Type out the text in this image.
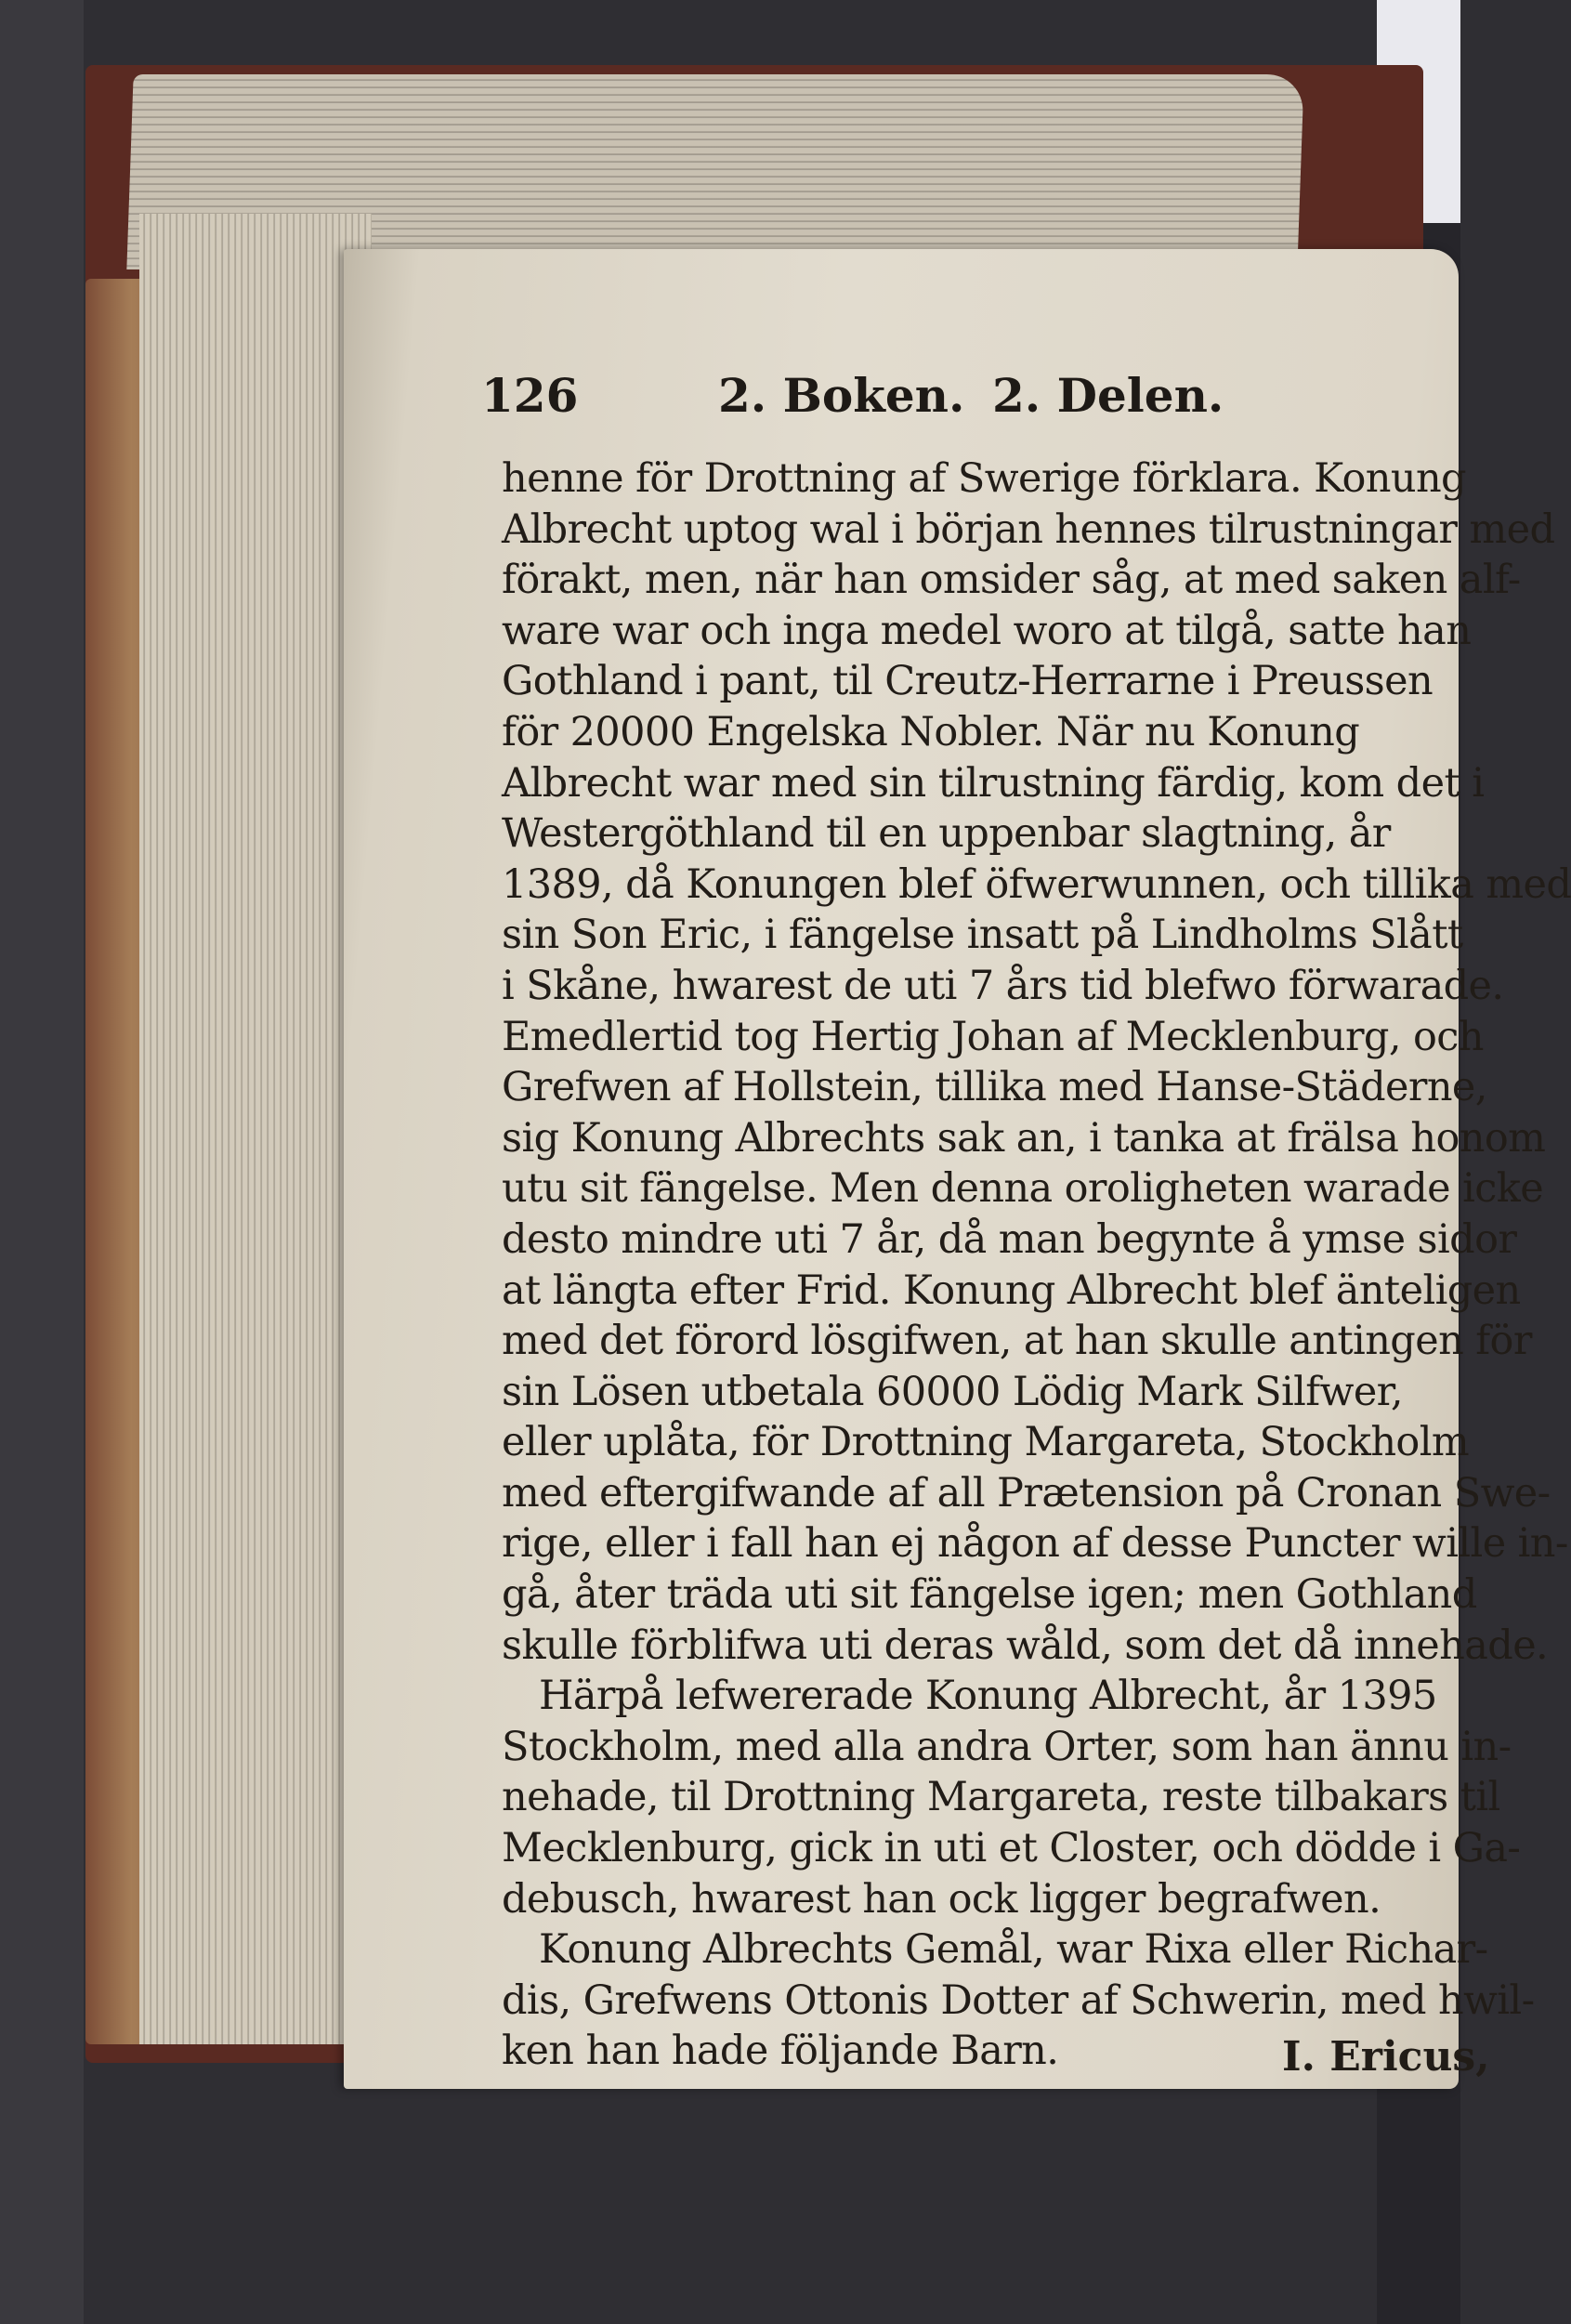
126	2. Boken. 2. Delen.
henne för Drottning af Swerige förklara. Konung
Albrecht uptog wal i början hennes tilrustningar med
förakt, men, när han omsider såg, at med saken alf-
ware war och inga medel woro at tilgå, satte han
Gothland i pant, til Creutz-Herrarne i Preussen
för 20000 Engelska Nobler. När nu Konung
Albrecht war med sin tilrustning färdig, kom det i
Westergöthland til en uppenbar slagtning, år
1389, då Konungen blef öfwerwunnen, och tillika med
sin Son Eric, i fängelse insatt på Lindholms Slått
i Skåne, hwarest de uti 7 års tid blefwo förwarade.
Emedlertid tog Hertig Johan af Mecklenburg, och
Grefwen af Hollstein, tillika med Hanse-Städerne,
sig Konung Albrechts sak an, i tanka at frälsa honom
utu sit fängelse. Men denna oroligheten warade icke
desto mindre uti 7 år, då man begynte å ymse sidor
at längta efter Frid. Konung Albrecht blef änteligen
med det förord lösgifwen, at han skulle antingen för
sin Lösen utbetala 60000 Lödig Mark Silfwer,
eller uplåta, för Drottning Margareta, Stockholm
med eftergifwande af all Prætension på Cronan Swe-
rige, eller i fall han ej någon af desse Puncter wille in-
gå, åter träda uti sit fängelse igen; men Gothland
skulle förblifwa uti deras wåld, som det då innehade.
Härpå lefwererade Konung Albrecht, år 1395
Stockholm, med alla andra Orter, som han ännu in-
nehade, til Drottning Margareta, reste tilbakars til
Mecklenburg, gick in uti et Closter, och dödde i Ga-
debusch, hwarest han ock ligger begrafwen.
Konung Albrechts Gemål, war Rixa eller Richar-
dis, Grefwens Ottonis Dotter af Schwerin, med hwil-
ken han hade följande Barn.	I. Ericus,
